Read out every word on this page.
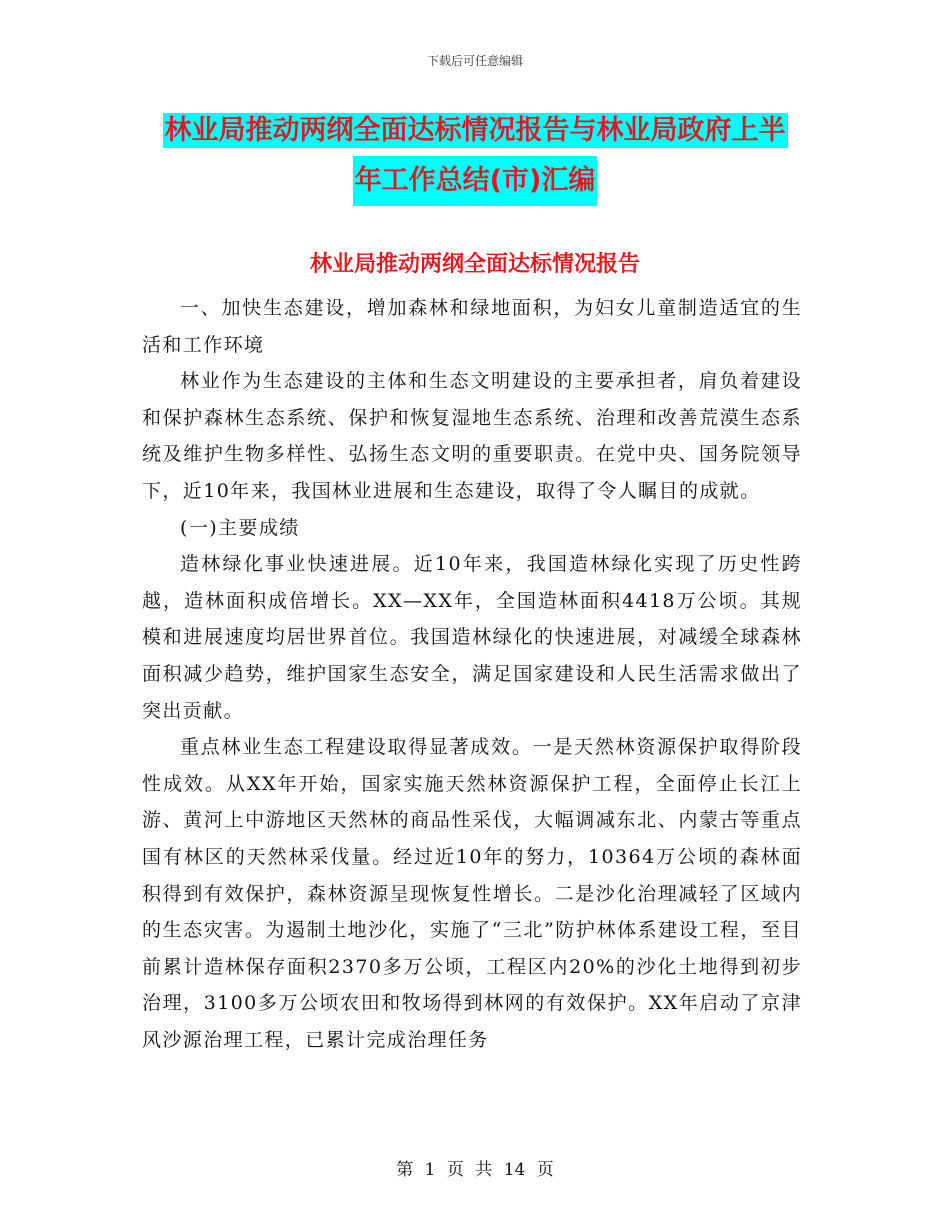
下载后可任意编辑
林业局推动两纲全面达标情况报告与林业局政府上半
年工作总结(市)汇编
林业局推动两纲全面达标情况报告

一、加快生态建设，增加森林和绿地面积，为妇女儿童制造适宜的生活和工作环境

林业作为生态建设的主体和生态文明建设的主要承担者，肩负着建设和保护森林生态系统、保护和恢复湿地生态系统、治理和改善荒漠生态系统及维护生物多样性、弘扬生态文明的重要职责。在党中央、国务院领导下，近10年来，我国林业进展和生态建设，取得了令人瞩目的成就。

(一)主要成绩

造林绿化事业快速进展。近10年来，我国造林绿化实现了历史性跨越，造林面积成倍增长。XX—XX年，全国造林面积4418万公顷。其规模和进展速度均居世界首位。我国造林绿化的快速进展，对减缓全球森林面积减少趋势，维护国家生态安全，满足国家建设和人民生活需求做出了突出贡献。

重点林业生态工程建设取得显著成效。一是天然林资源保护取得阶段性成效。从XX年开始，国家实施天然林资源保护工程，全面停止长江上游、黄河上中游地区天然林的商品性采伐，大幅调减东北、内蒙古等重点国有林区的天然林采伐量。经过近10年的努力，10364万公顷的森林面积得到有效保护，森林资源呈现恢复性增长。二是沙化治理减轻了区域内的生态灾害。为遏制土地沙化，实施了“三北”防护林体系建设工程，至目前累计造林保存面积2370多万公顷，工程区内20%的沙化土地得到初步治理，3100多万公顷农田和牧场得到林网的有效保护。XX年启动了京津风沙源治理工程，已累计完成治理任务

第 1 页 共 14 页
